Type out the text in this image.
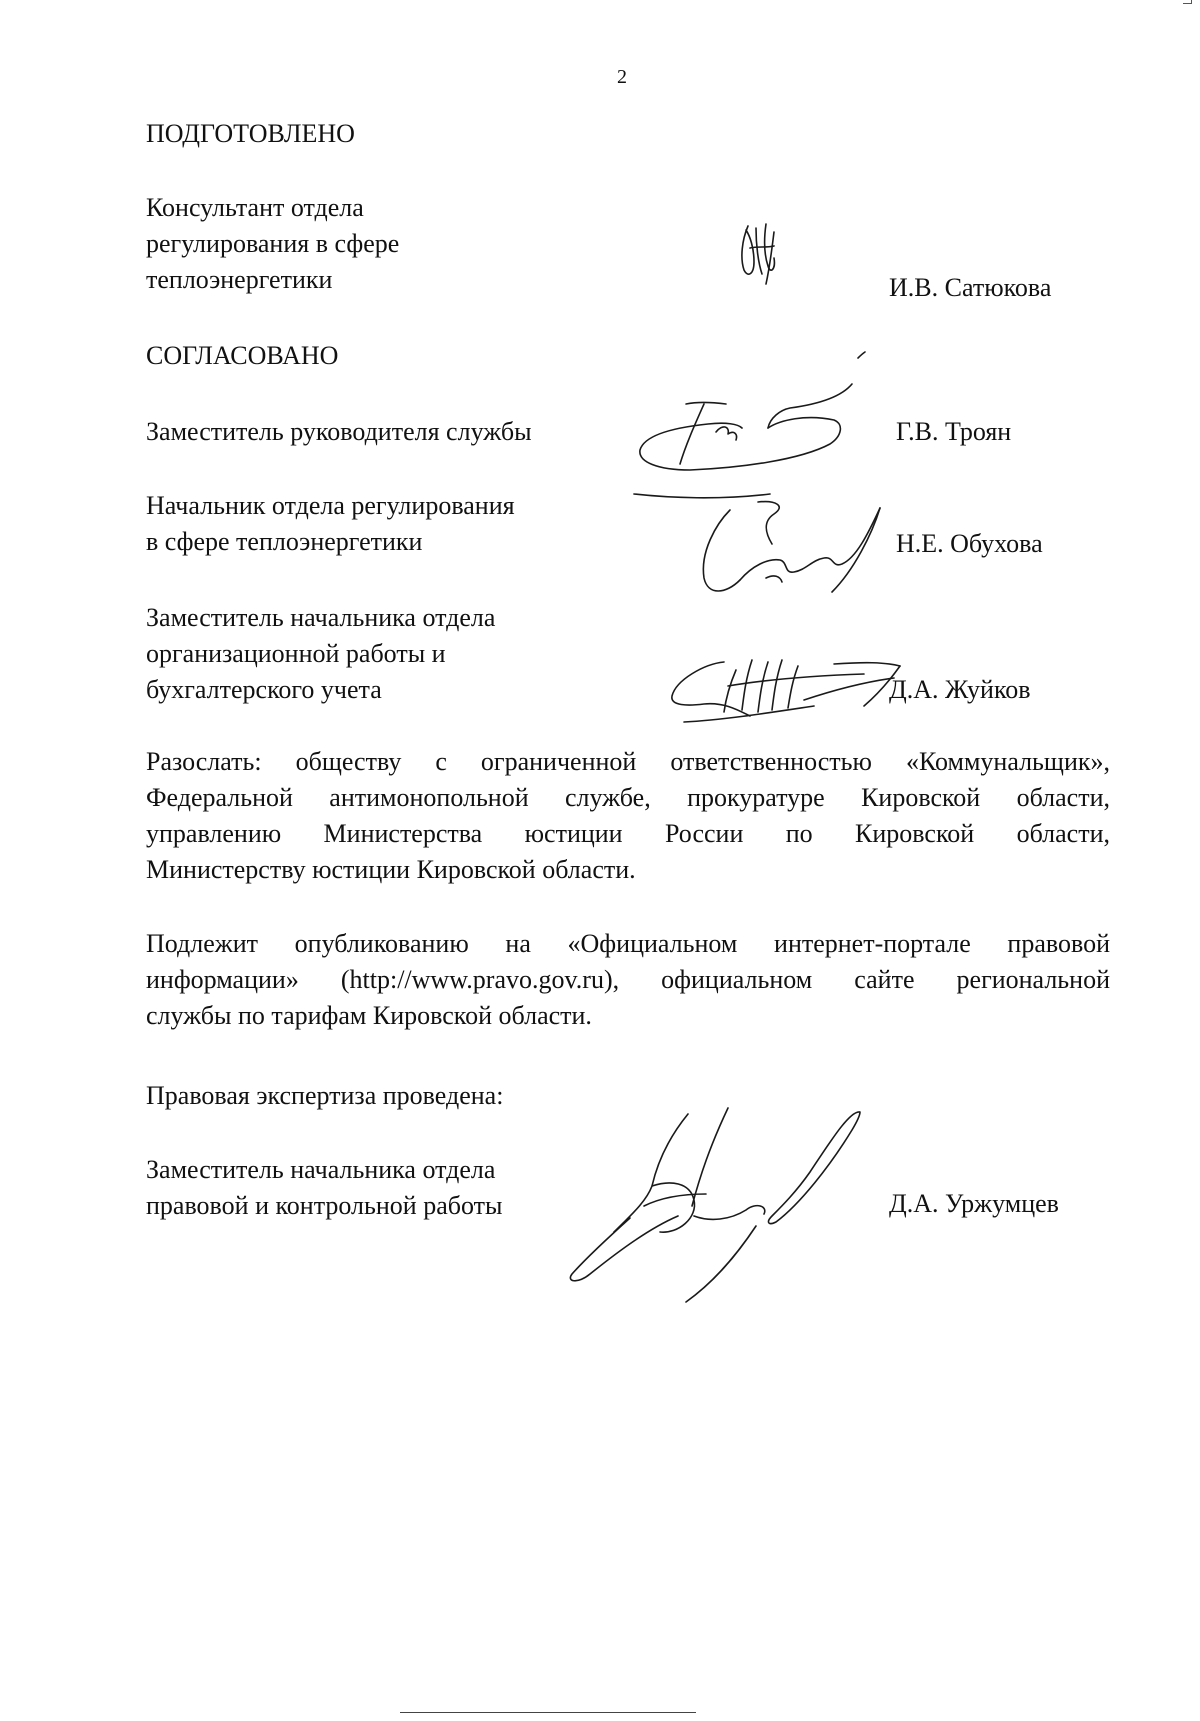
2

ПОДГОТОВЛЕНО

Консультант отдела
регулирования в сфере
теплоэнергетики	И.В. Сатюкова

СОГЛАСОВАНО

Заместитель руководителя службы	Г.В. Троян

Начальник отдела регулирования
в сфере теплоэнергетики	Н.Е. Обухова

Заместитель начальника отдела
организационной работы и
бухгалтерского учета	Д.А. Жуйков

Разослать: обществу с ограниченной ответственностью «Коммунальщик»,
Федеральной антимонопольной службе, прокуратуре Кировской области,
управлению Министерства юстиции России по Кировской области,
Министерству юстиции Кировской области.
Подлежит опубликованию на «Официальном интернет-портале правовой
информации» (http://www.pravo.gov.ru), официальном сайте региональной
службы по тарифам Кировской области.

Правовая экспертиза проведена:

Заместитель начальника отдела
правовой и контрольной работы	Д.А. Уржумцев
